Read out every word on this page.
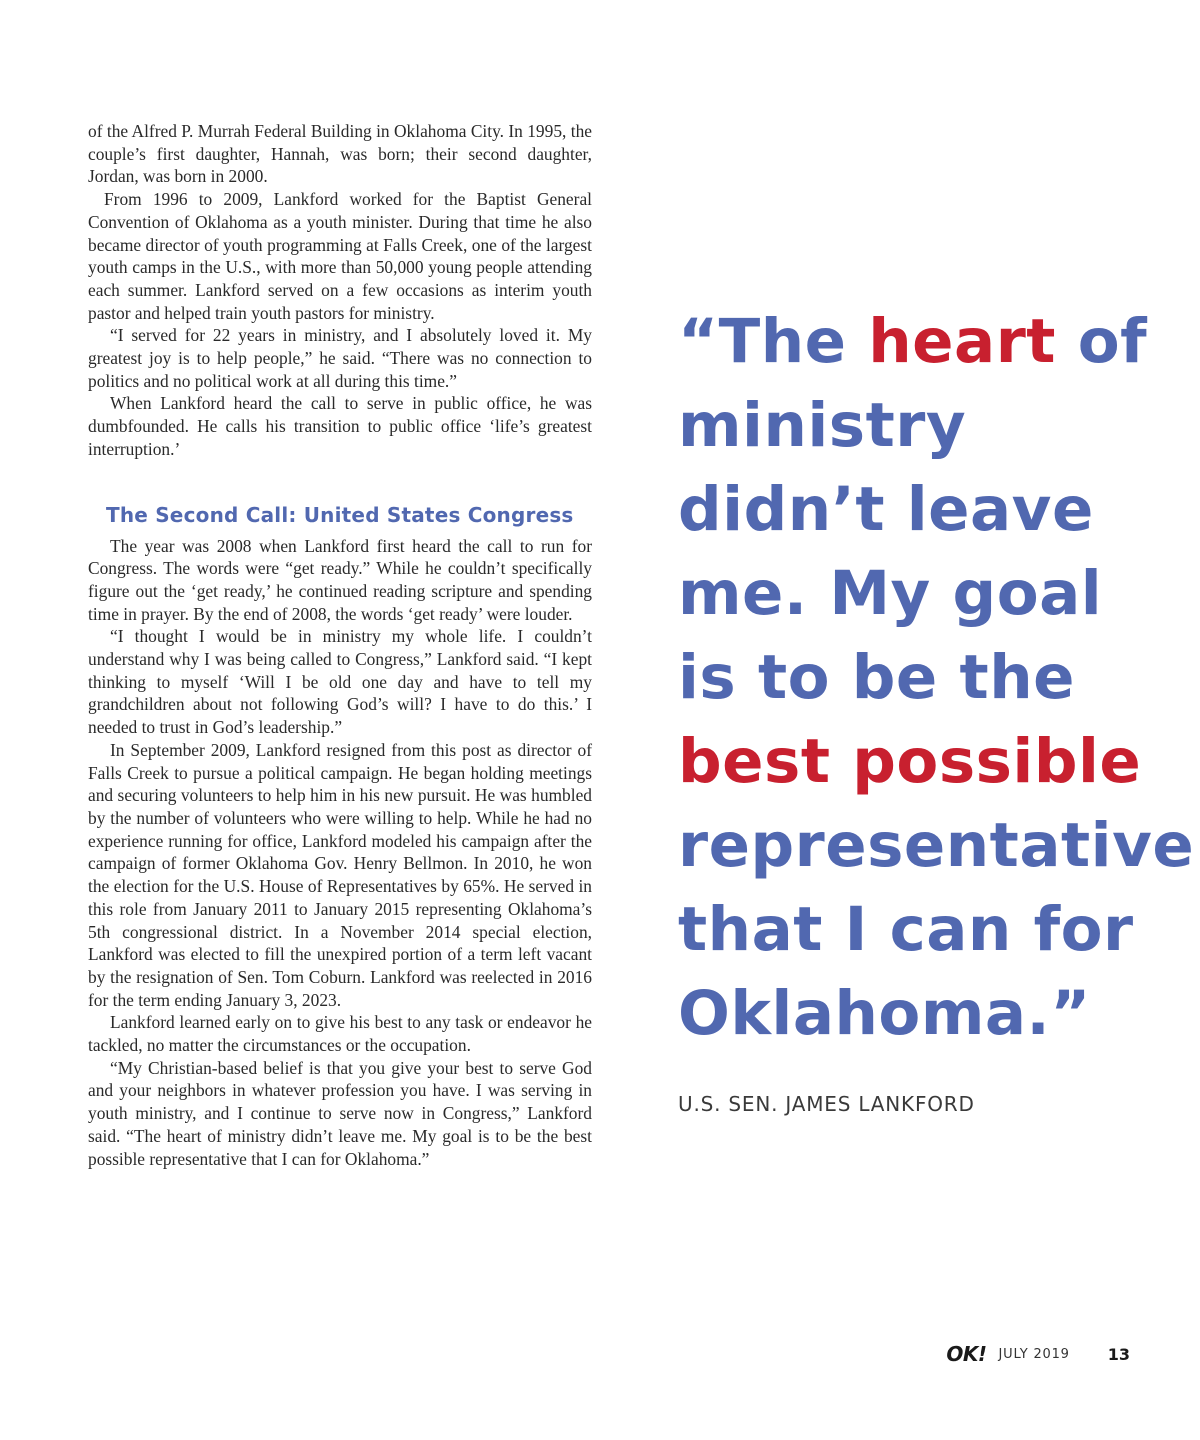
of the Alfred P. Murrah Federal Building in Oklahoma City. In 1995, the couple’s first daughter, Hannah, was born; their second daughter, Jordan, was born in 2000.

From 1996 to 2009, Lankford worked for the Baptist General Convention of Oklahoma as a youth minister. During that time he also became director of youth programming at Falls Creek, one of the largest youth camps in the U.S., with more than 50,000 young people attending each summer. Lankford served on a few occasions as interim youth pastor and helped train youth pastors for ministry.

“I served for 22 years in ministry, and I absolutely loved it. My greatest joy is to help people,” he said. “There was no connection to politics and no political work at all during this time.”

When Lankford heard the call to serve in public office, he was dumbfounded. He calls his transition to public office ‘life’s greatest interruption.’

The Second Call: United States Congress

The year was 2008 when Lankford first heard the call to run for Congress. The words were “get ready.” While he couldn’t specifically figure out the ‘get ready,’ he continued reading scripture and spending time in prayer. By the end of 2008, the words ‘get ready’ were louder.

“I thought I would be in ministry my whole life. I couldn’t understand why I was being called to Congress,” Lankford said. “I kept thinking to myself ‘Will I be old one day and have to tell my grandchildren about not following God’s will? I have to do this.’ I needed to trust in God’s leadership.”

In September 2009, Lankford resigned from this post as director of Falls Creek to pursue a political campaign. He began holding meetings and securing volunteers to help him in his new pursuit. He was humbled by the number of volunteers who were willing to help. While he had no experience running for office, Lankford modeled his campaign after the campaign of former Oklahoma Gov. Henry Bellmon. In 2010, he won the election for the U.S. House of Representatives by 65%. He served in this role from January 2011 to January 2015 representing Oklahoma’s 5th congressional district. In a November 2014 special election, Lankford was elected to fill the unexpired portion of a term left vacant by the resignation of Sen. Tom Coburn. Lankford was reelected in 2016 for the term ending January 3, 2023.

Lankford learned early on to give his best to any task or endeavor he tackled, no matter the circumstances or the occupation.

“My Christian-based belief is that you give your best to serve God and your neighbors in whatever profession you have. I was serving in youth ministry, and I continue to serve now in Congress,” Lankford said. “The heart of ministry didn’t leave me. My goal is to be the best possible representative that I can for Oklahoma.”

“The heart of ministry didn’t leave me. My goal is to be the best possible representative that I can for Oklahoma.”
U.S. SEN. JAMES LANKFORD
OK! JULY 2019 13
